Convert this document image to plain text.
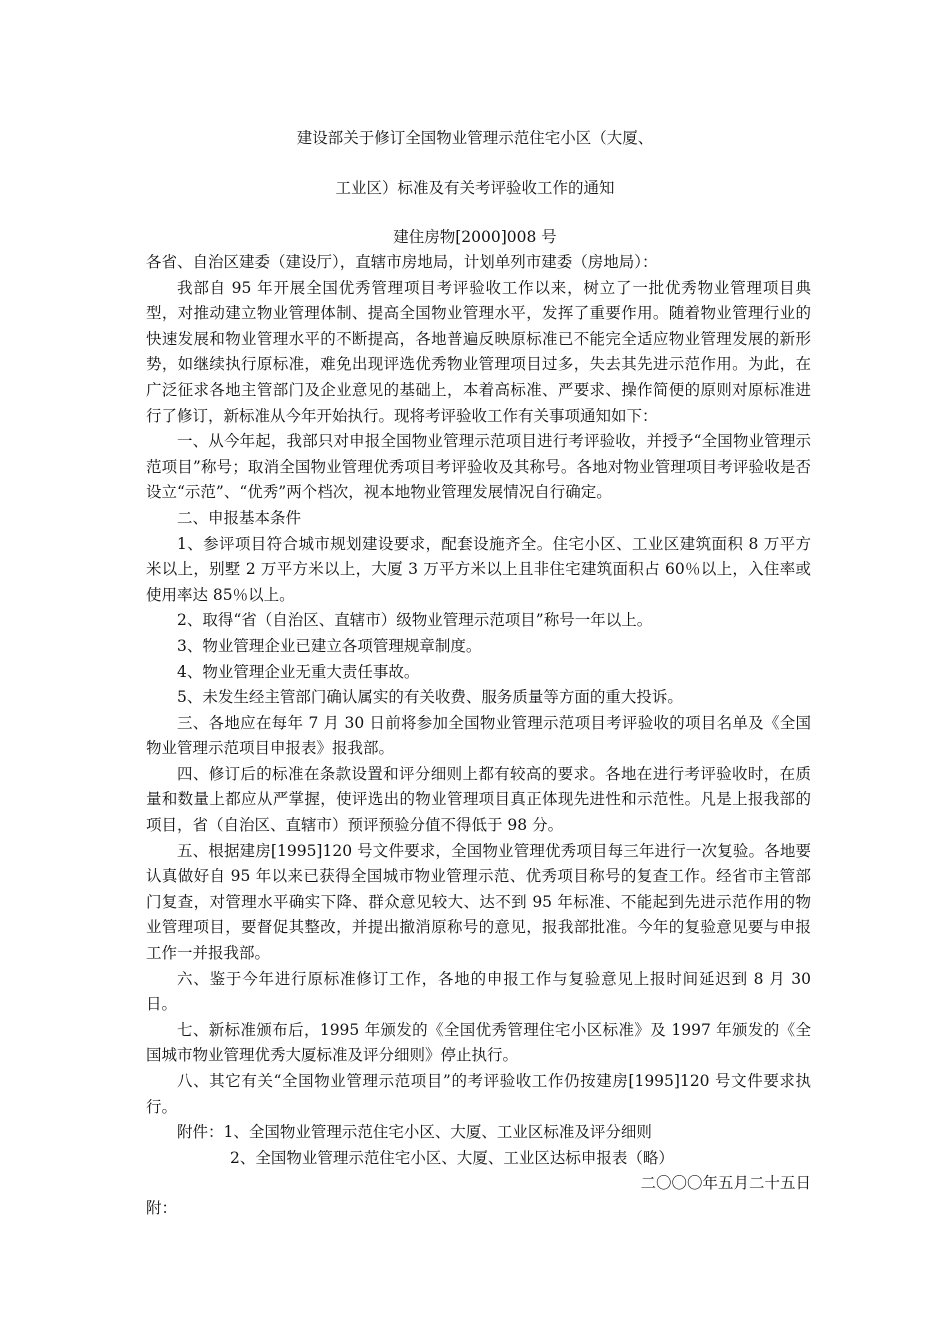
建设部关于修订全国物业管理示范住宅小区（大厦、
工业区）标准及有关考评验收工作的通知
建住房物[2000]008 号

各省、自治区建委（建设厅），直辖市房地局，计划单列市建委（房地局）：

我部自 95 年开展全国优秀管理项目考评验收工作以来，树立了一批优秀物业管理项目典型，对推动建立物业管理体制、提高全国物业管理水平，发挥了重要作用。随着物业管理行业的快速发展和物业管理水平的不断提高，各地普遍反映原标准已不能完全适应物业管理发展的新形势，如继续执行原标准，难免出现评选优秀物业管理项目过多，失去其先进示范作用。为此，在广泛征求各地主管部门及企业意见的基础上，本着高标准、严要求、操作简便的原则对原标准进行了修订，新标准从今年开始执行。现将考评验收工作有关事项通知如下：

一、从今年起，我部只对申报全国物业管理示范项目进行考评验收，并授予“全国物业管理示范项目”称号；取消全国物业管理优秀项目考评验收及其称号。各地对物业管理项目考评验收是否设立“示范”、“优秀”两个档次，视本地物业管理发展情况自行确定。

二、申报基本条件

1、参评项目符合城市规划建设要求，配套设施齐全。住宅小区、工业区建筑面积 8 万平方米以上，别墅 2 万平方米以上，大厦 3 万平方米以上且非住宅建筑面积占 60％以上，入住率或使用率达 85％以上。

2、取得“省（自治区、直辖市）级物业管理示范项目”称号一年以上。

3、物业管理企业已建立各项管理规章制度。

4、物业管理企业无重大责任事故。

5、未发生经主管部门确认属实的有关收费、服务质量等方面的重大投诉。

三、各地应在每年 7 月 30 日前将参加全国物业管理示范项目考评验收的项目名单及《全国物业管理示范项目申报表》报我部。

四、修订后的标准在条款设置和评分细则上都有较高的要求。各地在进行考评验收时，在质量和数量上都应从严掌握，使评选出的物业管理项目真正体现先进性和示范性。凡是上报我部的项目，省（自治区、直辖市）预评预验分值不得低于 98 分。

五、根据建房[1995]120 号文件要求，全国物业管理优秀项目每三年进行一次复验。各地要认真做好自 95 年以来已获得全国城市物业管理示范、优秀项目称号的复查工作。经省市主管部门复查，对管理水平确实下降、群众意见较大、达不到 95 年标准、不能起到先进示范作用的物业管理项目，要督促其整改，并提出撤消原称号的意见，报我部批准。今年的复验意见要与申报工作一并报我部。

六、鉴于今年进行原标准修订工作，各地的申报工作与复验意见上报时间延迟到 8 月 30 日。

七、新标准颁布后，1995 年颁发的《全国优秀管理住宅小区标准》及 1997 年颁发的《全国城市物业管理优秀大厦标准及评分细则》停止执行。

八、其它有关“全国物业管理示范项目”的考评验收工作仍按建房[1995]120 号文件要求执行。

附件：1、全国物业管理示范住宅小区、大厦、工业区标准及评分细则

2、全国物业管理示范住宅小区、大厦、工业区达标申报表（略）

二〇〇〇年五月二十五日

附：
